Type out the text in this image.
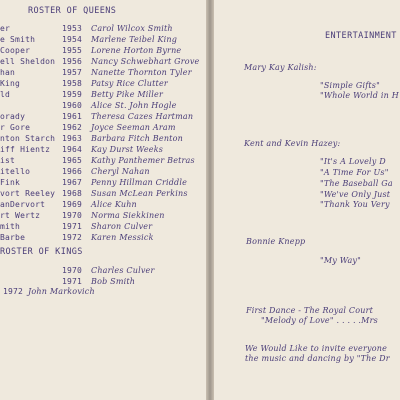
ROSTER OF QUEENS
er	1953 Carol Wilcox Smith
e Smith	1954 Marlene Teibel King
Cooper	1955 Lorene Horton Byrne
ell Sheldon 1956 Nancy Schwebhart Grove
han	1957 Nanette Thornton Tyler
King	1958 Patsy Rice Clutter
ld	1959 Betty Pike Miller
1960 Alice St. John Hogle
orady	1961 Theresa Cazes Hartman
r Gore	1962 Joyce Seeman Aram
nton Starch 1963 Barbara Fitch Benton
iff Hientz 1964 Kay Durst Weeks
ist	1965 Kathy Panthemer Betras
itello	1966 Cheryl Nahan
Fink	1967 Penny Hillman Criddle
vort Reeley 1968 Susan McLean Perkins
anDervort 1969 Alice Kuhn
rt Wertz	1970 Norma Siekkinen
mith	1971 Sharon Culver
Barbe	1972 Karen Messick
ROSTER OF KINGS
1970 Charles Culver
1971 Bob Smith
1972 John Markovich
ENTERTAINMENT
Mary Kay Kalish:
"Simple Gifts"
"Whole World in H
Kent and Kevin Hazey:
"It's A Lovely D
"A Time For Us"
"The Baseball Ga
"We've Only Just
"Thank You Very
Bonnie Knepp
"My Way"
First Dance - The Royal Court
"Melody of Love" . . . . .Mrs
We Would Like to invite everyone
the music and dancing by "The Dr
